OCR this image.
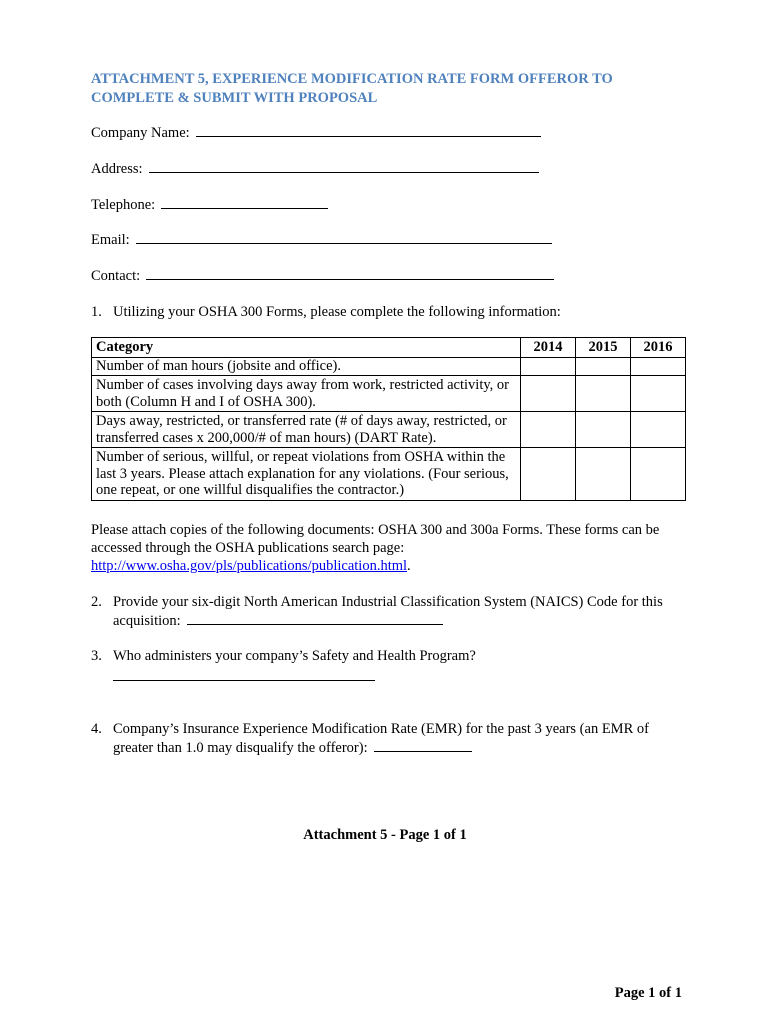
ATTACHMENT 5, EXPERIENCE MODIFICATION RATE FORM OFFEROR TO COMPLETE & SUBMIT WITH PROPOSAL
Company Name:
Address:
Telephone:
Email:
Contact:
1. Utilizing your OSHA 300 Forms, please complete the following information:
Category	2014	2015	2016
Number of man hours (jobsite and office).			
Number of cases involving days away from work, restricted activity, or both (Column H and I of OSHA 300).			
Days away, restricted, or transferred rate (# of days away, restricted, or transferred cases x 200,000/# of man hours) (DART Rate).			
Number of serious, willful, or repeat violations from OSHA within the last 3 years. Please attach explanation for any violations. (Four serious, one repeat, or one willful disqualifies the contractor.)			
Please attach copies of the following documents: OSHA 300 and 300a Forms. These forms can be accessed through the OSHA publications search page: http://www.osha.gov/pls/publications/publication.html.
2. Provide your six-digit North American Industrial Classification System (NAICS) Code for this acquisition:
3. Who administers your company’s Safety and Health Program?
4. Company’s Insurance Experience Modification Rate (EMR) for the past 3 years (an EMR of greater than 1.0 may disqualify the offeror):
Attachment 5 - Page 1 of 1
Page 1 of 1
